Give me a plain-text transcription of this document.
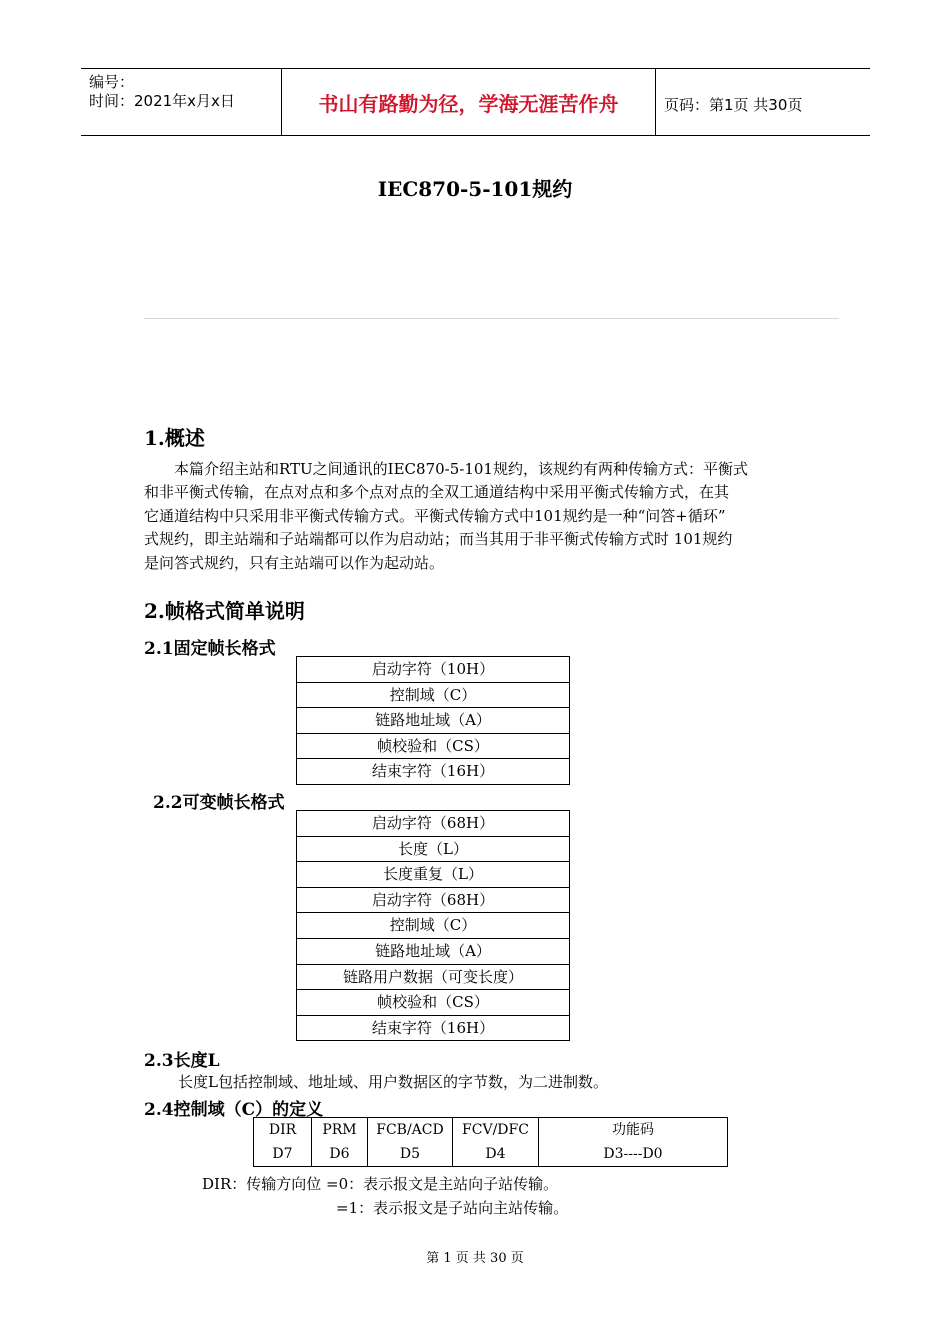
编号：
时间：2021年x月x日	书山有路勤为径，学海无涯苦作舟	页码：第1页 共30页
IEC870-5-101规约
1.概述

本篇介绍主站和RTU之间通讯的IEC870-5-101规约，该规约有两种传输方式：平衡式

和非平衡式传输，在点对点和多个点对点的全双工通道结构中采用平衡式传输方式，在其

它通道结构中只采用非平衡式传输方式。平衡式传输方式中101规约是一种“问答+循环”

式规约，即主站端和子站端都可以作为启动站；而当其用于非平衡式传输方式时 101规约

是问答式规约，只有主站端可以作为起动站。

2.帧格式简单说明
2.1固定帧长格式
启动字符（10H）
控制域（C）
链路地址域（A）
帧校验和（CS）
结束字符（16H）
2.2可变帧长格式
启动字符（68H）
长度（L）
长度重复（L）
启动字符（68H）
控制域（C）
链路地址域（A）
链路用户数据（可变长度）
帧校验和（CS）
结束字符（16H）
2.3长度L
长度L包括控制域、地址域、用户数据区的字节数，为二进制数。
2.4控制域（C）的定义
DIR	PRM	FCB/ACD	FCV/DFC	功能码
D7	D6	D5	D4	D3----D0
DIR：传输方向位 =0：表示报文是主站向子站传输。
=1：表示报文是子站向主站传输。
第 1 页 共 30 页
